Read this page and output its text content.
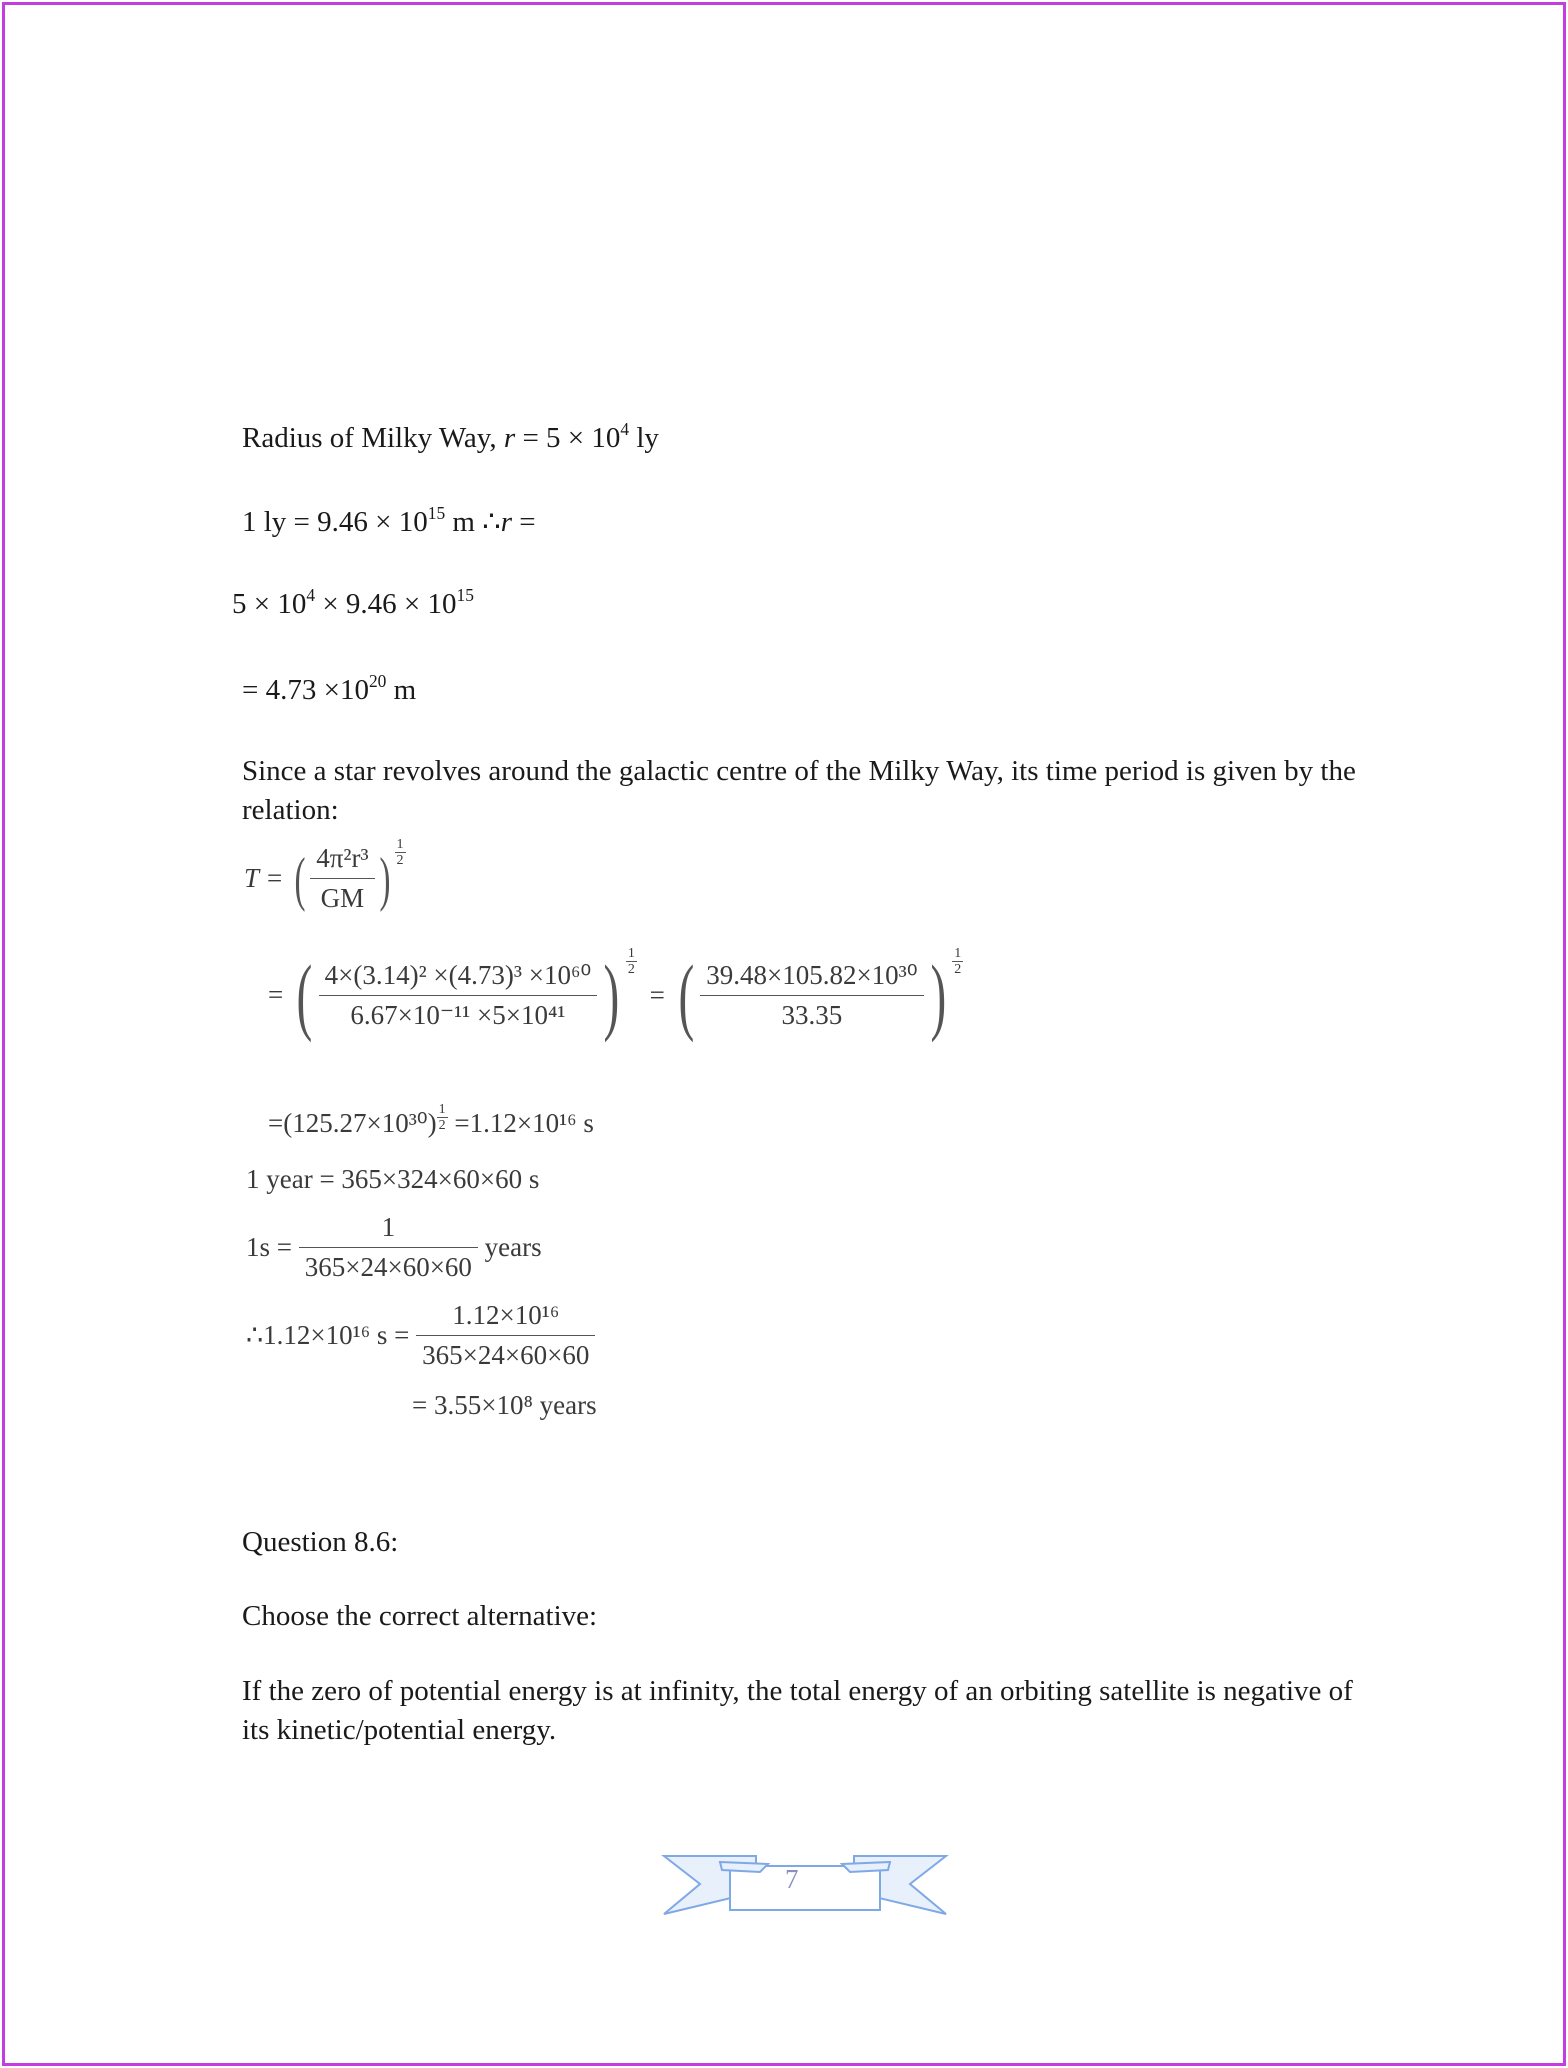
Radius of Milky Way, $r = 5 \times 10^4$ ly
1 ly = $9.46 \times 10^{15}$ m ∴r =
$5 \times 10^4 \times 9.46 \times 10^{15}$
= $4.73 \times 10^{20}$ m
Since a star revolves around the galactic centre of the Milky Way, its time period is given by the relation:
T = ( $\frac{\text{4π²r³}}{GM}$ ) $\frac{1}{2}$
= ( $\frac{\text{4×(3.14)² ×(4.73)³ ×10⁶⁰}}{\text{6.67×10⁻¹¹ ×5×10⁴¹}}$ ) $\frac{1}{2}$
= ( $\frac{\text{39.48×105.82×10³⁰}}{33.35}$ ) $\frac{1}{2}$
$=(125.27\times 10^{30}) \frac{1}{2} =1.12\times 10^{16}$ s
1 year = 365×324×60×60 s
$1s = \frac{1}{365\times 24\times 60\times 60}$ years
∴1.12×10¹⁶ $s = \frac{\text{1.12×10¹⁶}}{365\times 24\times 60\times 60}$
= 3.55×10⁸ years
Question 8.6:
Choose the correct alternative:
If the zero of potential energy is at infinity, the total energy of an orbiting satellite is negative of its kinetic/potential energy.
7
